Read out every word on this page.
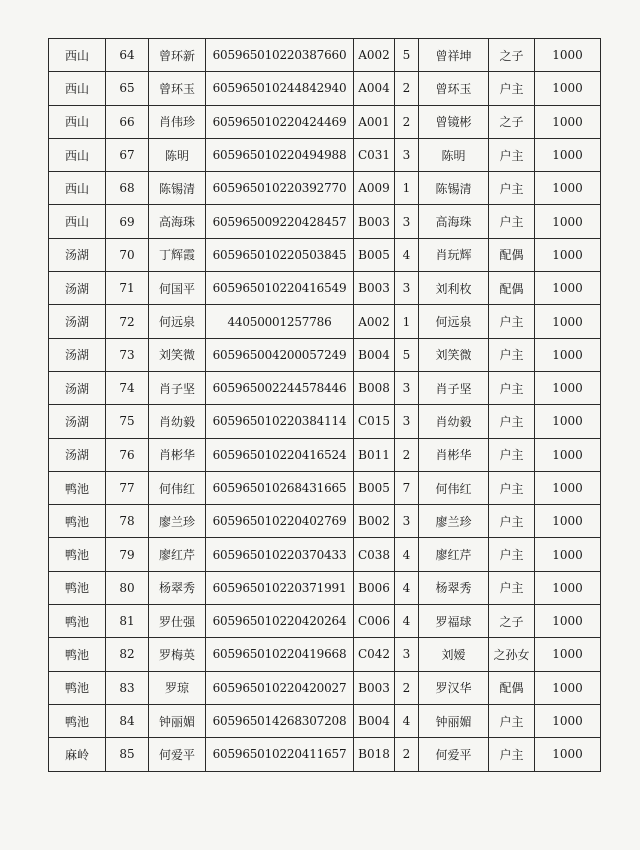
西山	64	曾环新	605965010220387660	A002	5	曾祥坤	之子	1000
西山	65	曾环玉	605965010244842940	A004	2	曾环玉	户主	1000
西山	66	肖伟珍	605965010220424469	A001	2	曾镜彬	之子	1000
西山	67	陈明	605965010220494988	C031	3	陈明	户主	1000
西山	68	陈锡清	605965010220392770	A009	1	陈锡清	户主	1000
西山	69	高海珠	605965009220428457	B003	3	高海珠	户主	1000
汤湖	70	丁辉霞	605965010220503845	B005	4	肖玩辉	配偶	1000
汤湖	71	何国平	605965010220416549	B003	3	刘利枚	配偶	1000
汤湖	72	何远泉	44050001257786	A002	1	何远泉	户主	1000
汤湖	73	刘笑微	605965004200057249	B004	5	刘笑微	户主	1000
汤湖	74	肖子坚	605965002244578446	B008	3	肖子坚	户主	1000
汤湖	75	肖幼毅	605965010220384114	C015	3	肖幼毅	户主	1000
汤湖	76	肖彬华	605965010220416524	B011	2	肖彬华	户主	1000
鸭池	77	何伟红	605965010268431665	B005	7	何伟红	户主	1000
鸭池	78	廖兰珍	605965010220402769	B002	3	廖兰珍	户主	1000
鸭池	79	廖红芹	605965010220370433	C038	4	廖红芹	户主	1000
鸭池	80	杨翠秀	605965010220371991	B006	4	杨翠秀	户主	1000
鸭池	81	罗仕强	605965010220420264	C006	4	罗福球	之子	1000
鸭池	82	罗梅英	605965010220419668	C042	3	刘嫒	之孙女	1000
鸭池	83	罗琼	605965010220420027	B003	2	罗汉华	配偶	1000
鸭池	84	钟丽媚	605965014268307208	B004	4	钟丽媚	户主	1000
麻岭	85	何爱平	605965010220411657	B018	2	何爱平	户主	1000
